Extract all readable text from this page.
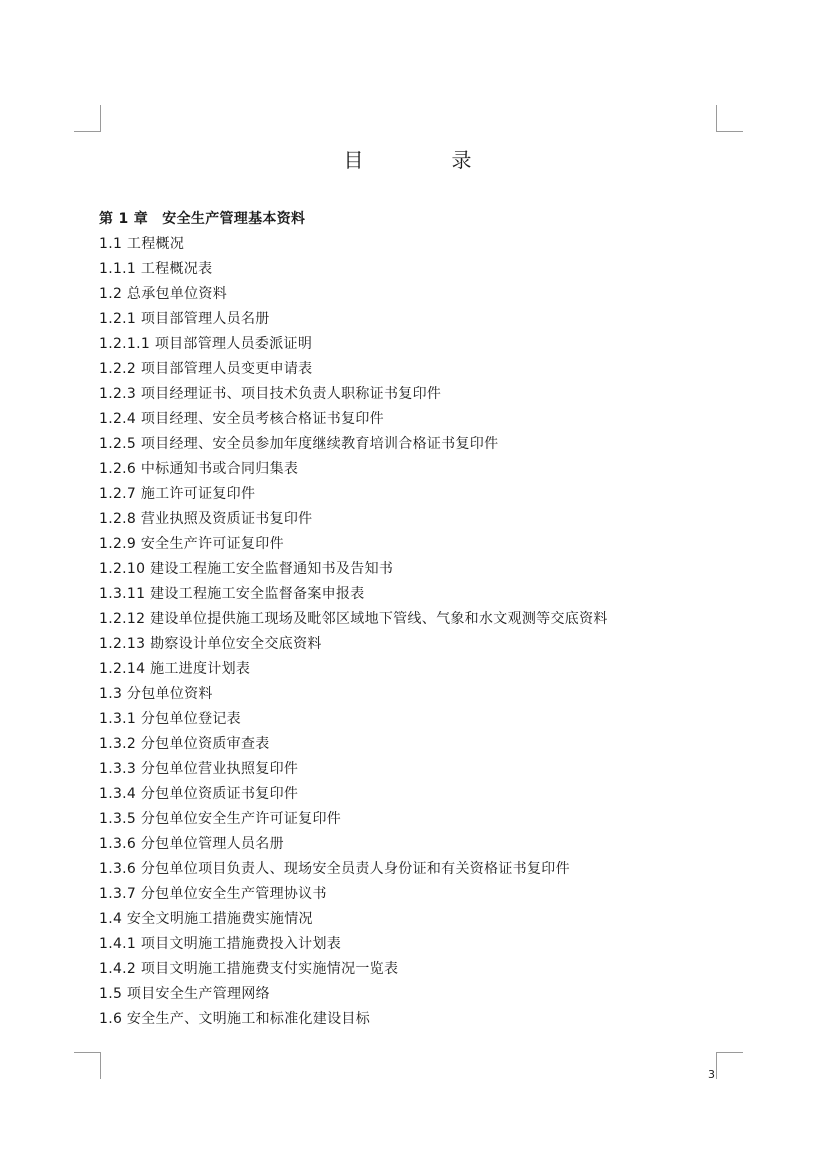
目　录
第 1 章　安全生产管理基本资料
1.1 工程概况
1.1.1 工程概况表
1.2 总承包单位资料
1.2.1 项目部管理人员名册
1.2.1.1 项目部管理人员委派证明
1.2.2 项目部管理人员变更申请表
1.2.3 项目经理证书、项目技术负责人职称证书复印件
1.2.4 项目经理、安全员考核合格证书复印件
1.2.5 项目经理、安全员参加年度继续教育培训合格证书复印件
1.2.6 中标通知书或合同归集表
1.2.7 施工许可证复印件
1.2.8 营业执照及资质证书复印件
1.2.9 安全生产许可证复印件
1.2.10 建设工程施工安全监督通知书及告知书
1.3.11 建设工程施工安全监督备案申报表
1.2.12 建设单位提供施工现场及毗邻区域地下管线、气象和水文观测等交底资料
1.2.13 勘察设计单位安全交底资料
1.2.14 施工进度计划表
1.3 分包单位资料
1.3.1 分包单位登记表
1.3.2 分包单位资质审查表
1.3.3 分包单位营业执照复印件
1.3.4 分包单位资质证书复印件
1.3.5 分包单位安全生产许可证复印件
1.3.6 分包单位管理人员名册
1.3.6 分包单位项目负责人、现场安全员责人身份证和有关资格证书复印件
1.3.7 分包单位安全生产管理协议书
1.4 安全文明施工措施费实施情况
1.4.1 项目文明施工措施费投入计划表
1.4.2 项目文明施工措施费支付实施情况一览表
1.5 项目安全生产管理网络
1.6 安全生产、文明施工和标准化建设目标
3
